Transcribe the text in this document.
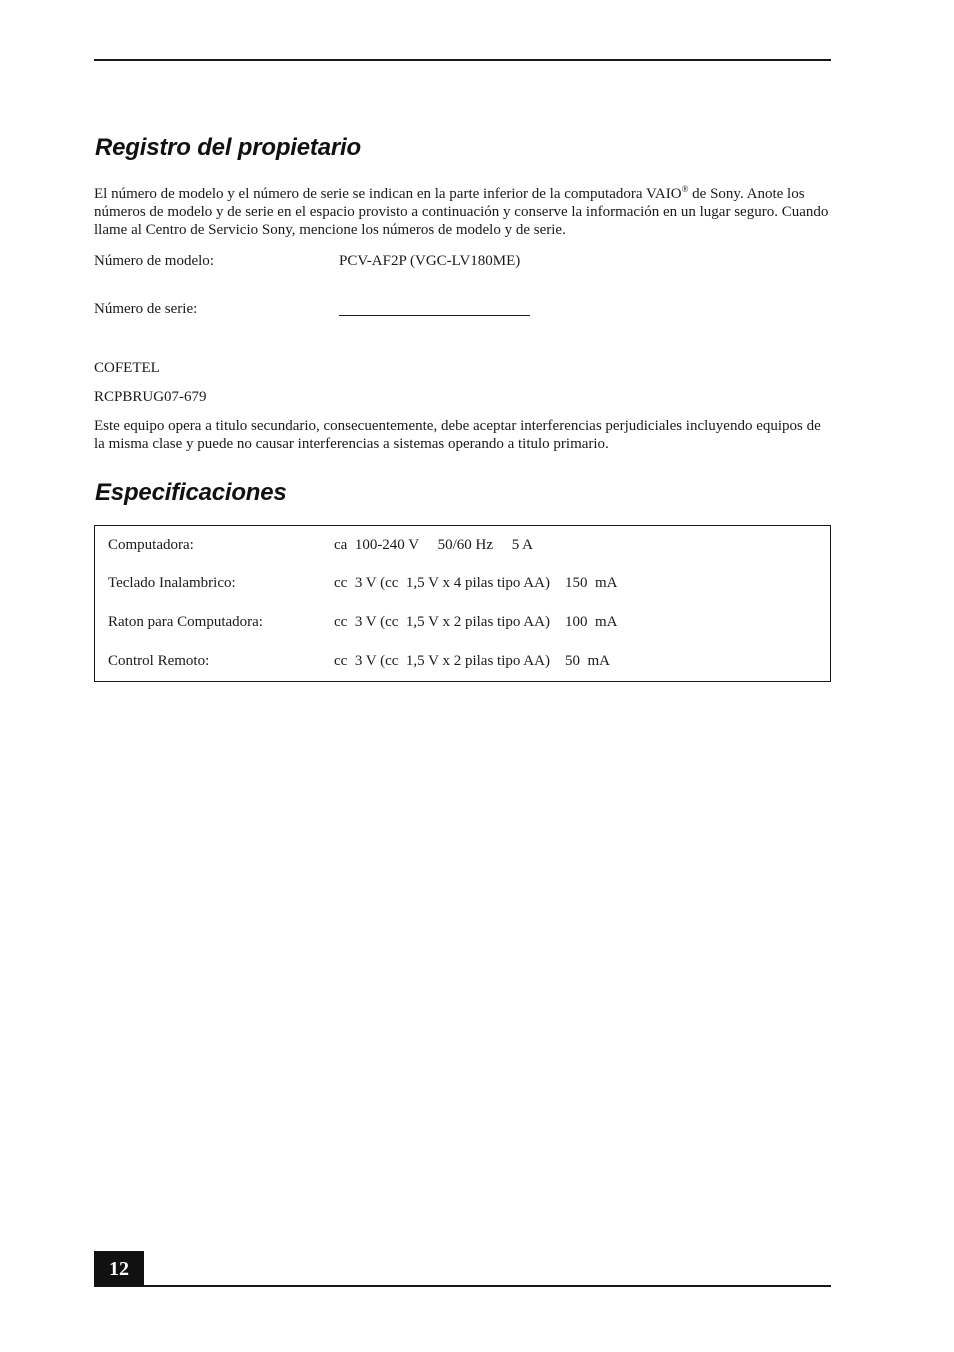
Registro del propietario

El número de modelo y el número de serie se indican en la parte inferior de la computadora VAIO® de Sony. Anote los números de modelo y de serie en el espacio provisto a continuación y conserve la información en un lugar seguro. Cuando llame al Centro de Servicio Sony, mencione los números de modelo y de serie.

Número de modelo:	PCV-AF2P (VGC-LV180ME)
Número de serie:
COFETEL
RCPBRUG07-679

Este equipo opera a titulo secundario, consecuentemente, debe aceptar interferencias perjudiciales incluyendo equipos de la misma clase y puede no causar interferencias a sistemas operando a titulo primario.

Especificaciones
Computadora:	ca  100-240 V     50/60 Hz     5 A
Teclado Inalambrico:	cc  3 V (cc  1,5 V x 4 pilas tipo AA)    150  mA
Raton para Computadora:	cc  3 V (cc  1,5 V x 2 pilas tipo AA)    100  mA
Control Remoto:	cc  3 V (cc  1,5 V x 2 pilas tipo AA)    50  mA
12
